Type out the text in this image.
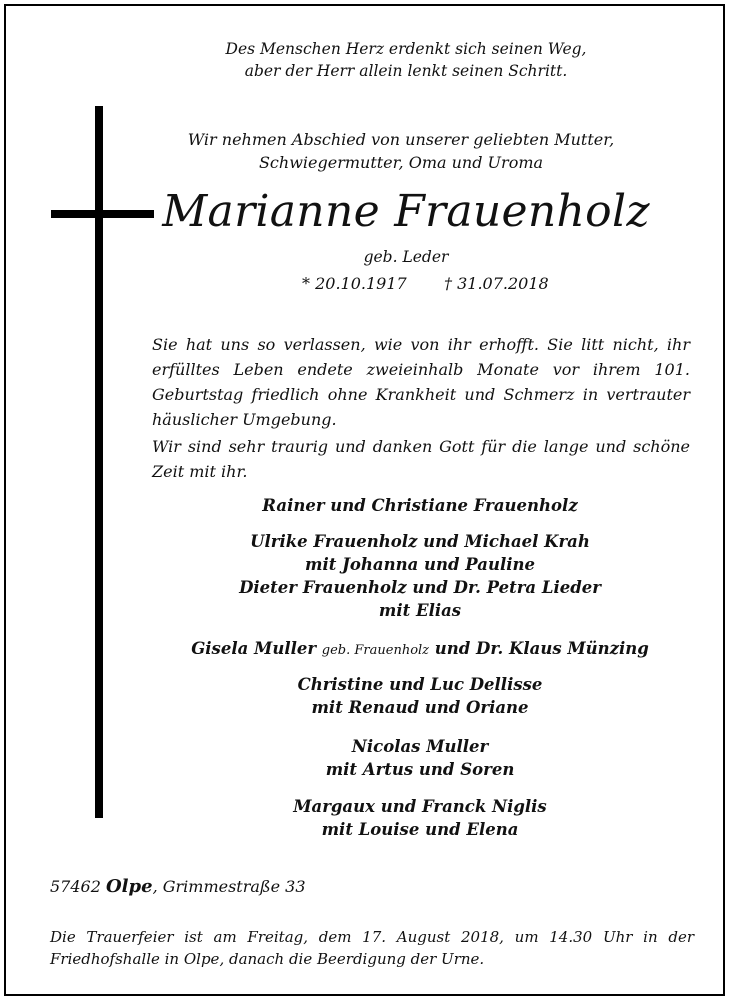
Des Menschen Herz erdenkt sich seinen Weg,
aber der Herr allein lenkt seinen Schritt.
Wir nehmen Abschied von unserer geliebten Mutter,
Schwiegermutter, Oma und Uroma
Marianne Frauenholz
geb. Leder
* 20.10.1917 † 31.07.2018
Sie hat uns so verlassen, wie von ihr erhofft. Sie litt nicht, ihr erfülltes Leben endete zweieinhalb Monate vor ihrem 101. Geburtstag friedlich ohne Krankheit und Schmerz in vertrauter häuslicher Umgebung.
Wir sind sehr traurig und danken Gott für die lange und schöne Zeit mit ihr.
Rainer und Christiane Frauenholz
Ulrike Frauenholz und Michael Krah
mit Johanna und Pauline
Dieter Frauenholz und Dr. Petra Lieder
mit Elias
Gisela Muller geb. Frauenholz und Dr. Klaus Münzing
Christine und Luc Dellisse
mit Renaud und Oriane
Nicolas Muller
mit Artus und Soren
Margaux und Franck Niglis
mit Louise und Elena
57462 Olpe, Grimmestraße 33
Die Trauerfeier ist am Freitag, dem 17. August 2018, um 14.30 Uhr in der Friedhofshalle in Olpe, danach die Beerdigung der Urne.
